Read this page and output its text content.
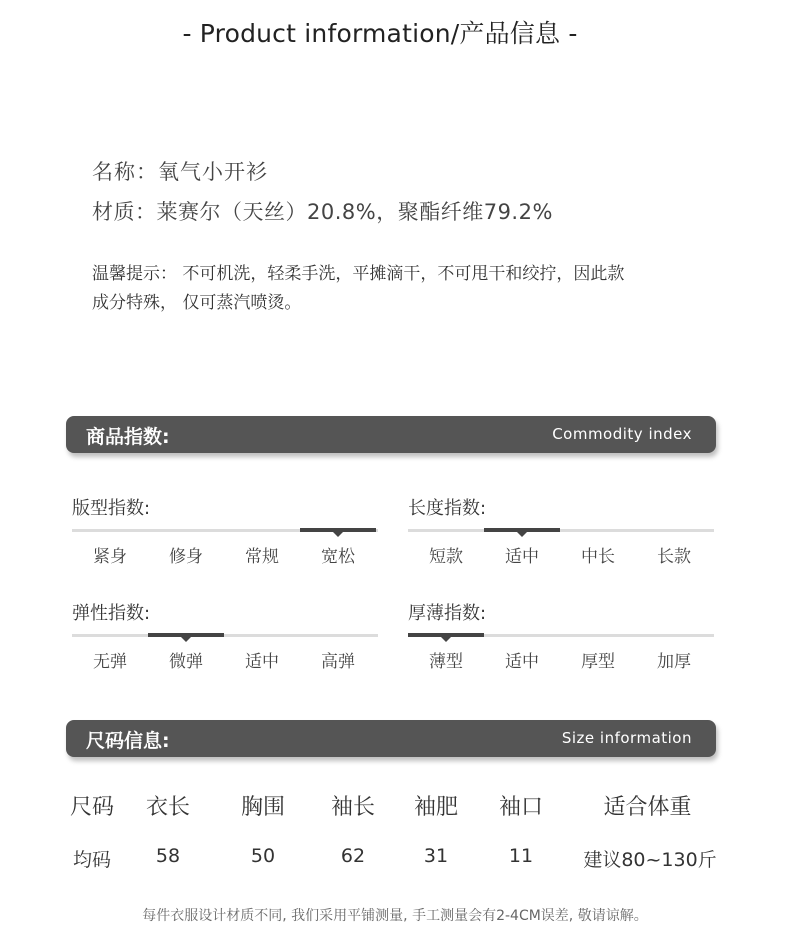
- Product information/产品信息 -
名称：氧气小开衫
材质：莱赛尔（天丝）20.8%，聚酯纤维79.2%
温馨提示： 不可机洗，轻柔手洗，平摊滴干，不可甩干和绞拧，因此款
成分特殊， 仅可蒸汽喷烫。
商品指数:	Commodity index
版型指数:
紧身	修身	常规	宽松
长度指数:
短款	适中	中长	长款
弹性指数:
无弹	微弹	适中	高弹
厚薄指数:
薄型	适中	厚型	加厚
尺码信息:	Size information
尺码	衣长	胸围	袖长	袖肥	袖口	适合体重
均码	58	50	62	31	11	建议80~130斤
每件衣服设计材质不同, 我们采用平铺测量, 手工测量会有2-4CM误差, 敬请谅解。
